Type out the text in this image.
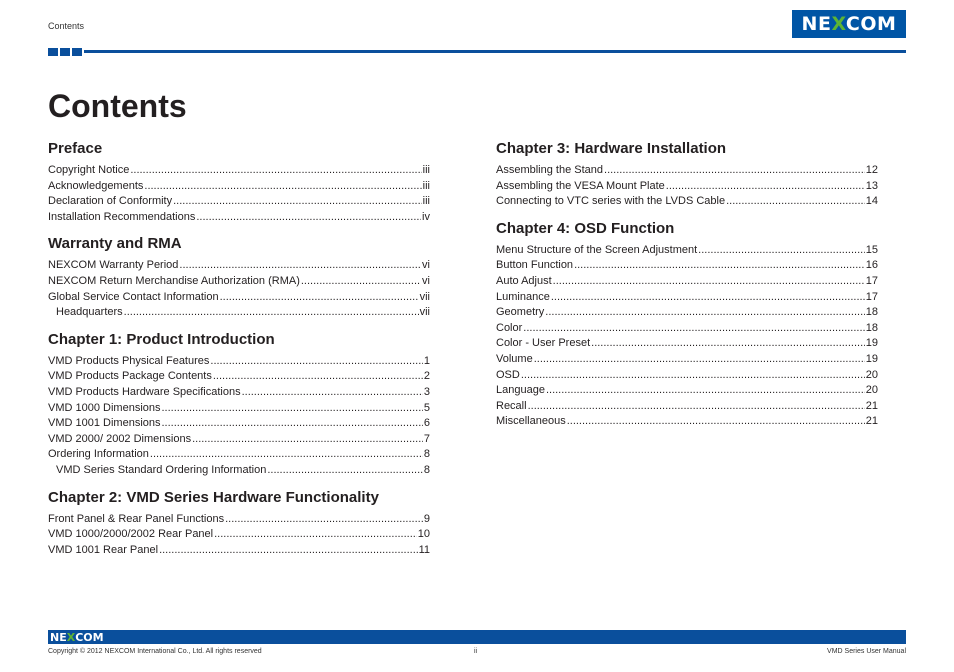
Contents	NEXCOM
Contents
Preface
Copyright Notice .....	iii
Acknowledgements .....	iii
Declaration of Conformity .....	iii
Installation Recommendations .....	iv
Warranty and RMA
NEXCOM Warranty Period .....	vi
NEXCOM Return Merchandise Authorization (RMA) .....	vi
Global Service Contact Information .....	vii
Headquarters .....	vii
Chapter 1: Product Introduction
VMD Products Physical Features .....	1
VMD Products Package Contents .....	2
VMD Products Hardware Specifications .....	3
VMD 1000 Dimensions .....	5
VMD 1001 Dimensions .....	6
VMD 2000/ 2002 Dimensions .....	7
Ordering Information .....	8
VMD Series Standard Ordering Information .....	8
Chapter 2: VMD Series Hardware Functionality
Front Panel & Rear Panel Functions .....	9
VMD 1000/2000/2002 Rear Panel .....	10
VMD 1001 Rear Panel .....	11
Chapter 3: Hardware Installation
Assembling the Stand .....	12
Assembling the VESA Mount Plate .....	13
Connecting to VTC series with the LVDS Cable .....	14
Chapter 4: OSD Function
Menu Structure of the Screen Adjustment .....	15
Button Function .....	16
Auto Adjust .....	17
Luminance .....	17
Geometry .....	18
Color .....	18
Color - User Preset .....	19
Volume .....	19
OSD .....	20
Language .....	20
Recall .....	21
Miscellaneous .....	21
NE X COM
Copyright © 2012 NEXCOM International Co., Ltd. All rights reserved	ii	VMD Series User Manual
